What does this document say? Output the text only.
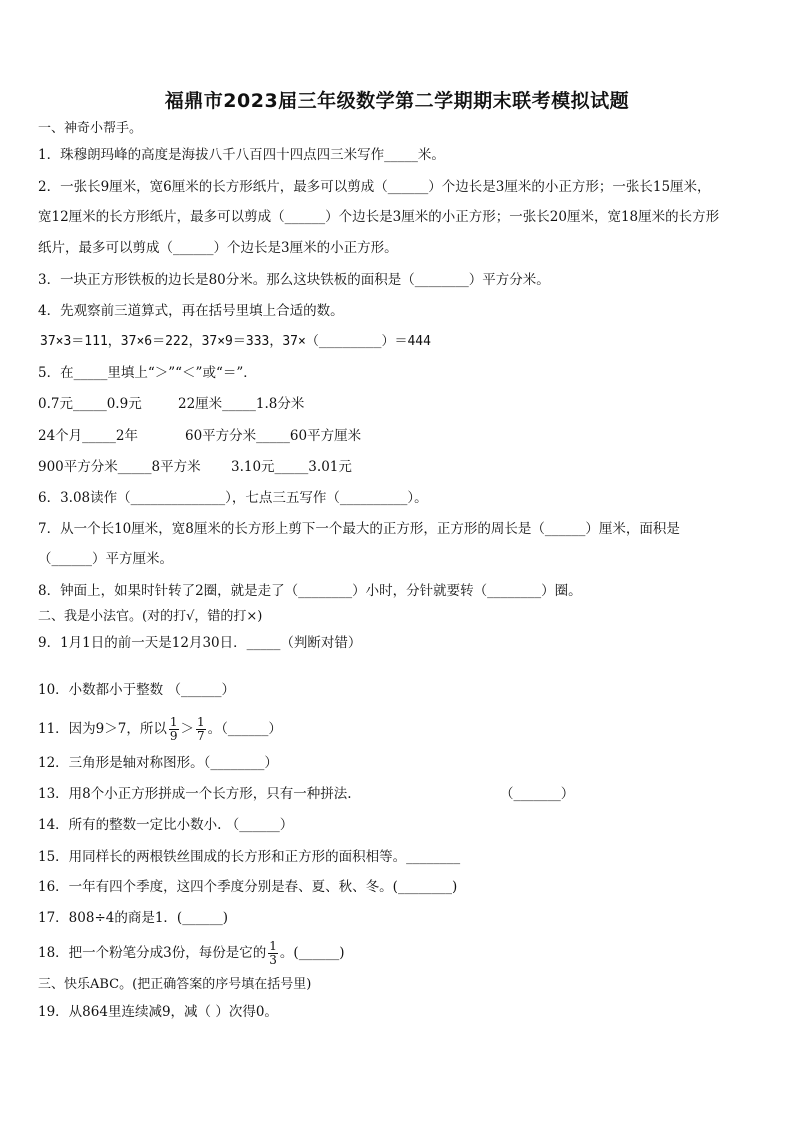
福鼎市2023届三年级数学第二学期期末联考模拟试题
一、神奇小帮手。
1．珠穆朗玛峰的高度是海拔八千八百四十四点四三米写作_____米。
2．一张长9厘米，宽6厘米的长方形纸片，最多可以剪成（______）个边长是3厘米的小正方形；一张长15厘米，
宽12厘米的长方形纸片，最多可以剪成（______）个边长是3厘米的小正方形；一张长20厘米，宽18厘米的长方形
纸片，最多可以剪成（______）个边长是3厘米的小正方形。
3．一块正方形铁板的边长是80分米。那么这块铁板的面积是（________）平方分米。
4．先观察前三道算式，再在括号里填上合适的数。
37×3＝111，37×6＝222，37×9＝333，37×（________）＝444
5．在_____里填上“＞”“＜”或“＝”．
0.7元_____0.9元	22厘米_____1.8分米
24个月_____2年	60平方分米_____60平方厘米
900平方分米_____8平方米 3.10元_____3.01元
6．3.08读作（______________），七点三五写作（__________）。
7．从一个长10厘米，宽8厘米的长方形上剪下一个最大的正方形，正方形的周长是（______）厘米，面积是
（______）平方厘米。
8．钟面上，如果时针转了2圈，就是走了（________）小时，分针就要转（________）圈。
二、我是小法官。(对的打√，错的打×)
9．1月1日的前一天是12月30日．_____（判断对错）
10．小数都小于整数 （______）
11．因为9＞7，所以 $\frac{1}{9} > \frac{1}{7}$ 。（______）
12．三角形是轴对称图形。（________）
13．用8个小正方形拼成一个长方形，只有一种拼法.	（_______）
14．所有的整数一定比小数小. （______）
15．用同样长的两根铁丝围成的长方形和正方形的面积相等。________
16．一年有四个季度，这四个季度分别是春、夏、秋、冬。(________)
17．808÷4的商是1．(______)
18．把一个粉笔分成3份，每份是它的 $\frac{1}{3}$ 。(______)
三、快乐ABC。(把正确答案的序号填在括号里)
19．从864里连续减9，减（ ）次得0。
